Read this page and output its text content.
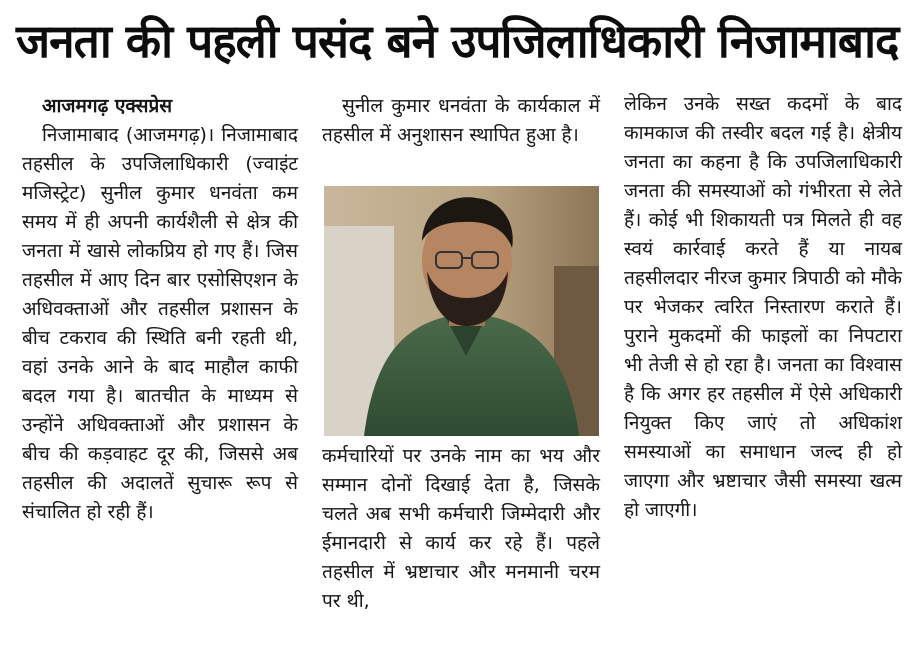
जनता की पहली पसंद बने उपजिलाधिकारी निजामाबाद
आजमगढ़ एक्सप्रेस

निजामाबाद (आजमगढ़)। निजामाबाद तहसील के उपजिलाधिकारी (ज्वाइंट मजिस्ट्रेट) सुनील कुमार धनवंता कम समय में ही अपनी कार्यशैली से क्षेत्र की जनता में खासे लोकप्रिय हो गए हैं। जिस तहसील में आए दिन बार एसोसिएशन के अधिवक्ताओं और तहसील प्रशासन के बीच टकराव की स्थिति बनी रहती थी, वहां उनके आने के बाद माहौल काफी बदल गया है। बातचीत के माध्यम से उन्होंने अधिवक्ताओं और प्रशासन के बीच की कड़वाहट दूर की, जिससे अब तहसील की अदालतें सुचारू रूप से संचालित हो रही हैं।

सुनील कुमार धनवंता के कार्यकाल में तहसील में अनुशासन स्थापित हुआ है।

कर्मचारियों पर उनके नाम का भय और सम्मान दोनों दिखाई देता है, जिसके चलते अब सभी कर्मचारी जिम्मेदारी और ईमानदारी से कार्य कर रहे हैं। पहले तहसील में भ्रष्टाचार और मनमानी चरम पर थी,

लेकिन उनके सख्त कदमों के बाद कामकाज की तस्वीर बदल गई है। क्षेत्रीय जनता का कहना है कि उपजिलाधिकारी जनता की समस्याओं को गंभीरता से लेते हैं। कोई भी शिकायती पत्र मिलते ही वह स्वयं कार्रवाई करते हैं या नायब तहसीलदार नीरज कुमार त्रिपाठी को मौके पर भेजकर त्वरित निस्तारण कराते हैं। पुराने मुकदमों की फाइलों का निपटारा भी तेजी से हो रहा है। जनता का विश्वास है कि अगर हर तहसील में ऐसे अधिकारी नियुक्त किए जाएं तो अधिकांश समस्याओं का समाधान जल्द ही हो जाएगा और भ्रष्टाचार जैसी समस्या खत्म हो जाएगी।
